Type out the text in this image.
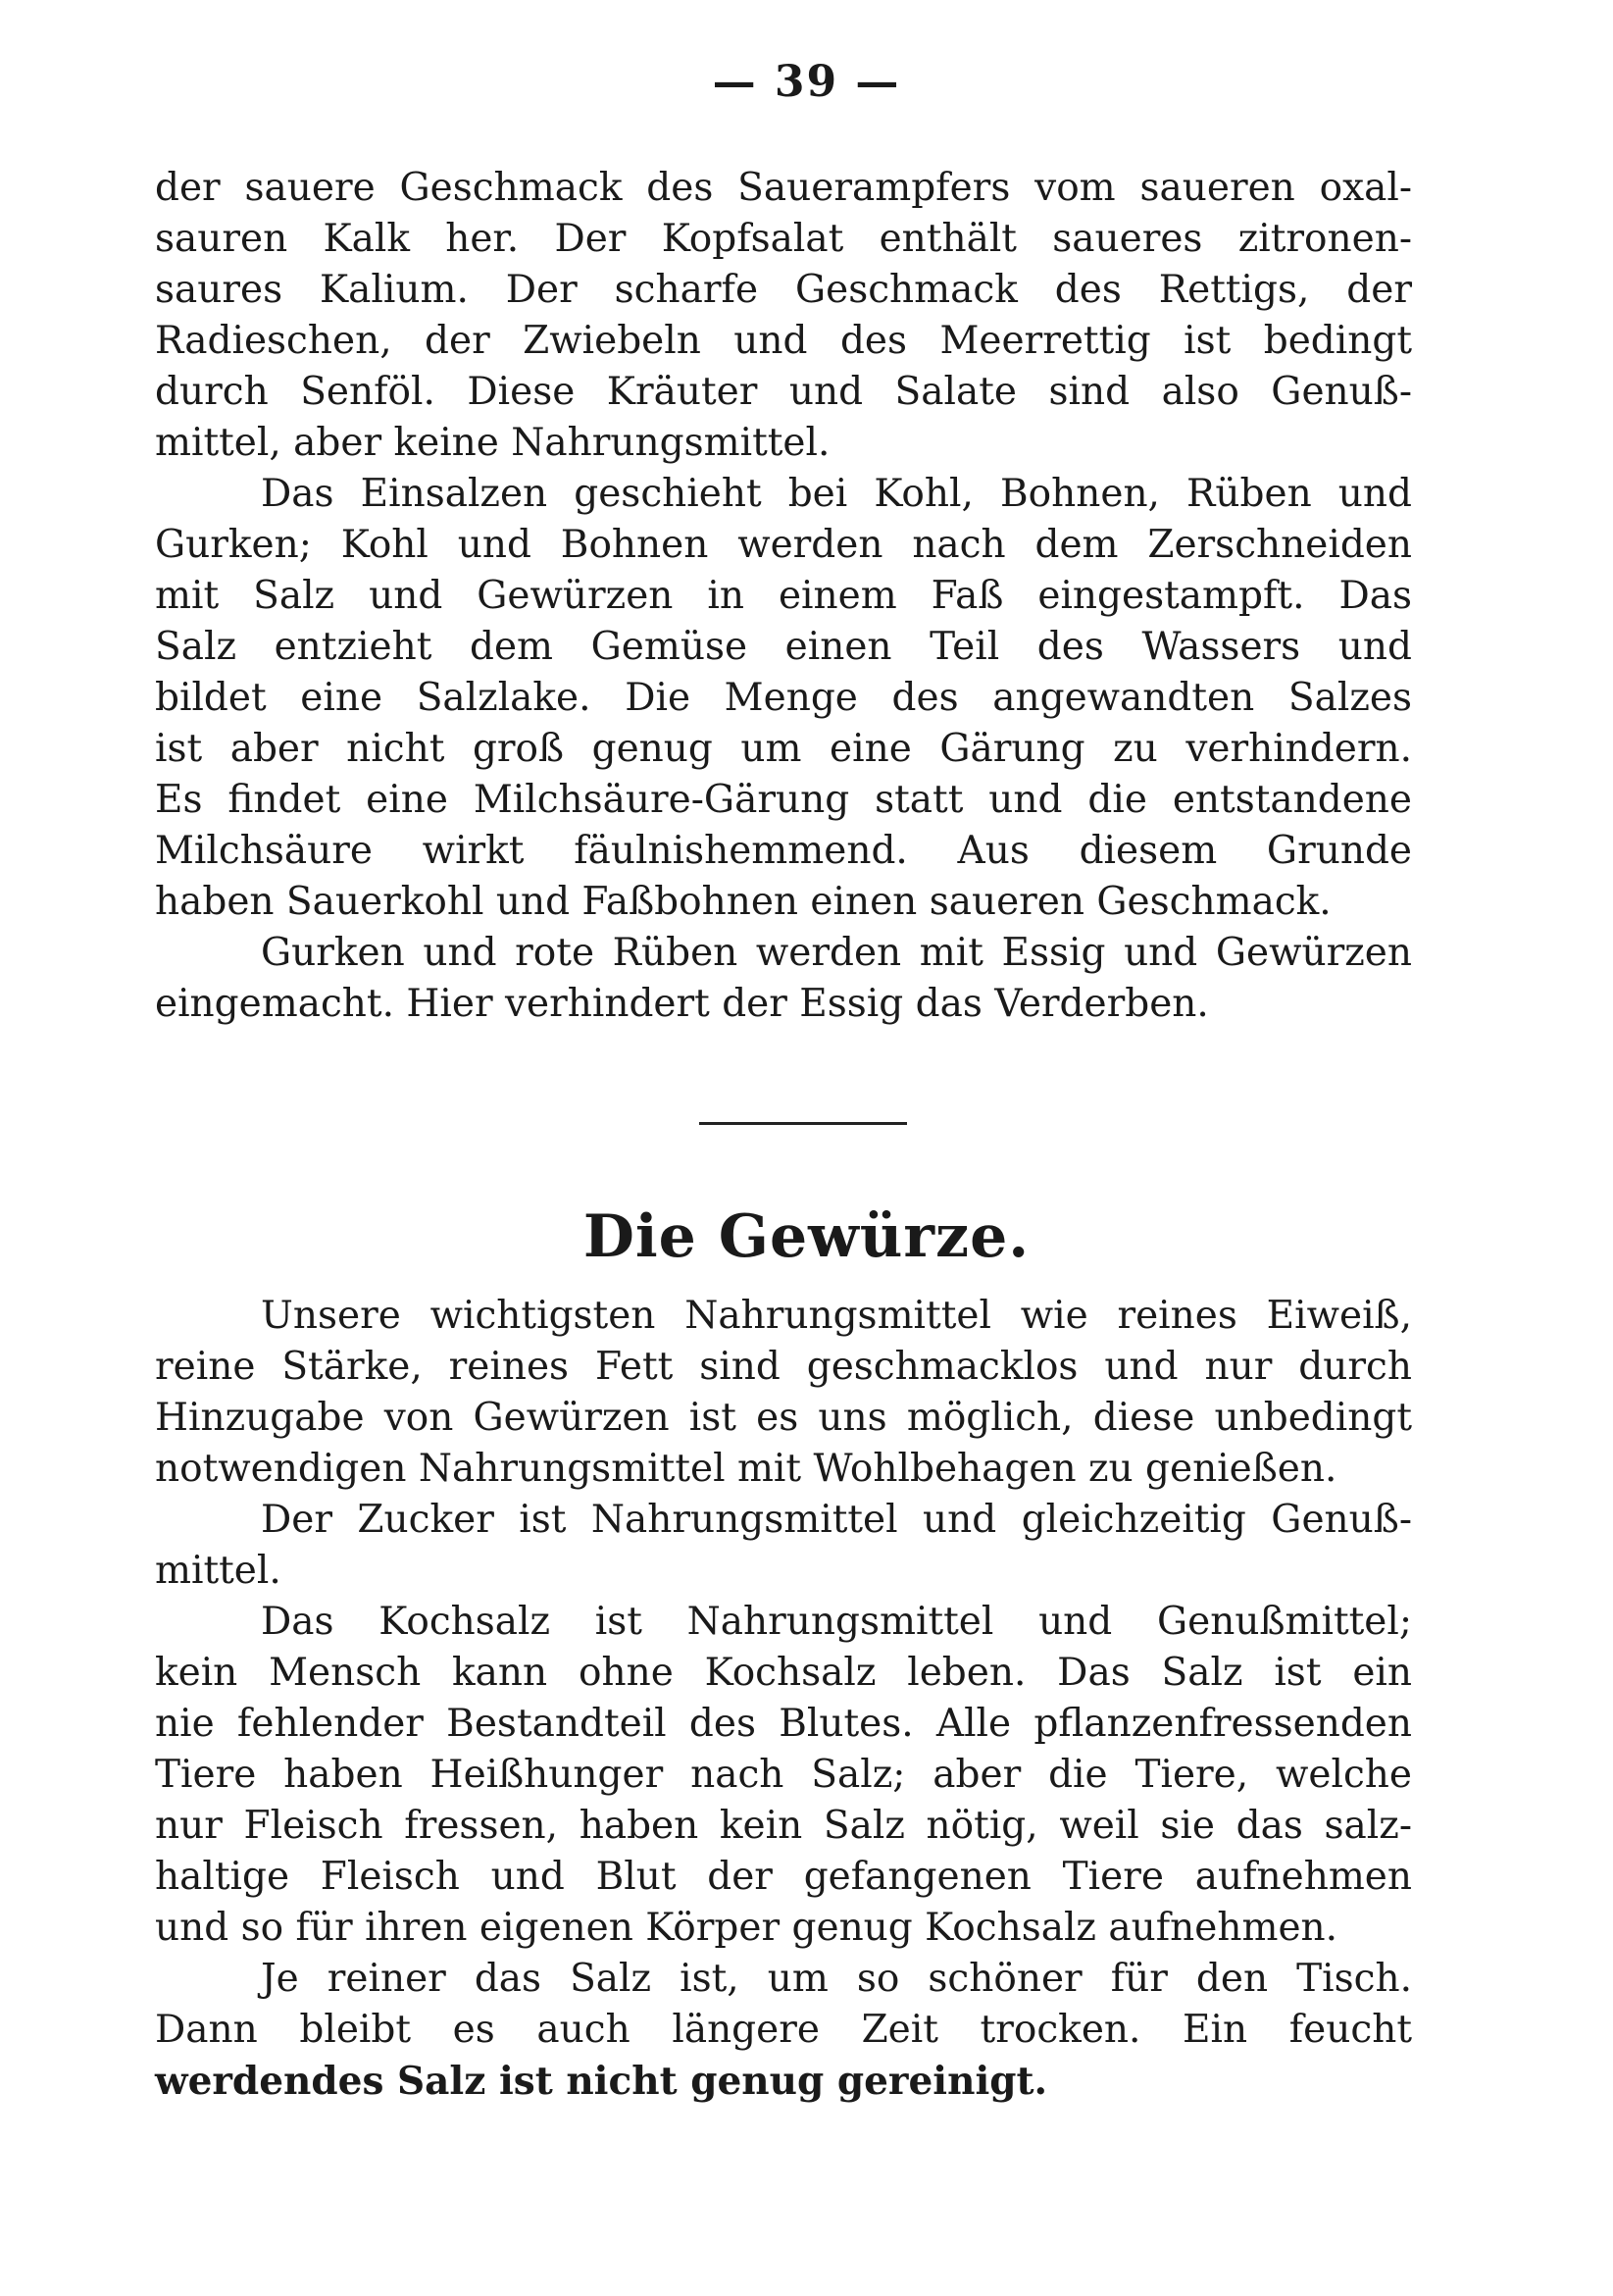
— 39 —
der sauere Geschmack des Sauerampfers vom saueren oxal-
sauren Kalk her. Der Kopfsalat enthält saueres zitronen-
saures Kalium. Der scharfe Geschmack des Rettigs, der
Radieschen, der Zwiebeln und des Meerrettig ist bedingt
durch Senföl. Diese Kräuter und Salate sind also Genuß-
mittel, aber keine Nahrungsmittel.
Das Einsalzen geschieht bei Kohl, Bohnen, Rüben und
Gurken; Kohl und Bohnen werden nach dem Zerschneiden
mit Salz und Gewürzen in einem Faß eingestampft. Das
Salz entzieht dem Gemüse einen Teil des Wassers und
bildet eine Salzlake. Die Menge des angewandten Salzes
ist aber nicht groß genug um eine Gärung zu verhindern.
Es findet eine Milchsäure-Gärung statt und die entstandene
Milchsäure wirkt fäulnishemmend. Aus diesem Grunde
haben Sauerkohl und Faßbohnen einen saueren Geschmack.
Gurken und rote Rüben werden mit Essig und Gewürzen
eingemacht. Hier verhindert der Essig das Verderben.
Die Gewürze.
Unsere wichtigsten Nahrungsmittel wie reines Eiweiß,
reine Stärke, reines Fett sind geschmacklos und nur durch
Hinzugabe von Gewürzen ist es uns möglich, diese unbedingt
notwendigen Nahrungsmittel mit Wohlbehagen zu genießen.
Der Zucker ist Nahrungsmittel und gleichzeitig Genuß-
mittel.
Das Kochsalz ist Nahrungsmittel und Genußmittel;
kein Mensch kann ohne Kochsalz leben. Das Salz ist ein
nie fehlender Bestandteil des Blutes. Alle pflanzenfressenden
Tiere haben Heißhunger nach Salz; aber die Tiere, welche
nur Fleisch fressen, haben kein Salz nötig, weil sie das salz-
haltige Fleisch und Blut der gefangenen Tiere aufnehmen
und so für ihren eigenen Körper genug Kochsalz aufnehmen.
Je reiner das Salz ist, um so schöner für den Tisch.
Dann bleibt es auch längere Zeit trocken. Ein feucht
werdendes Salz ist nicht genug gereinigt.
